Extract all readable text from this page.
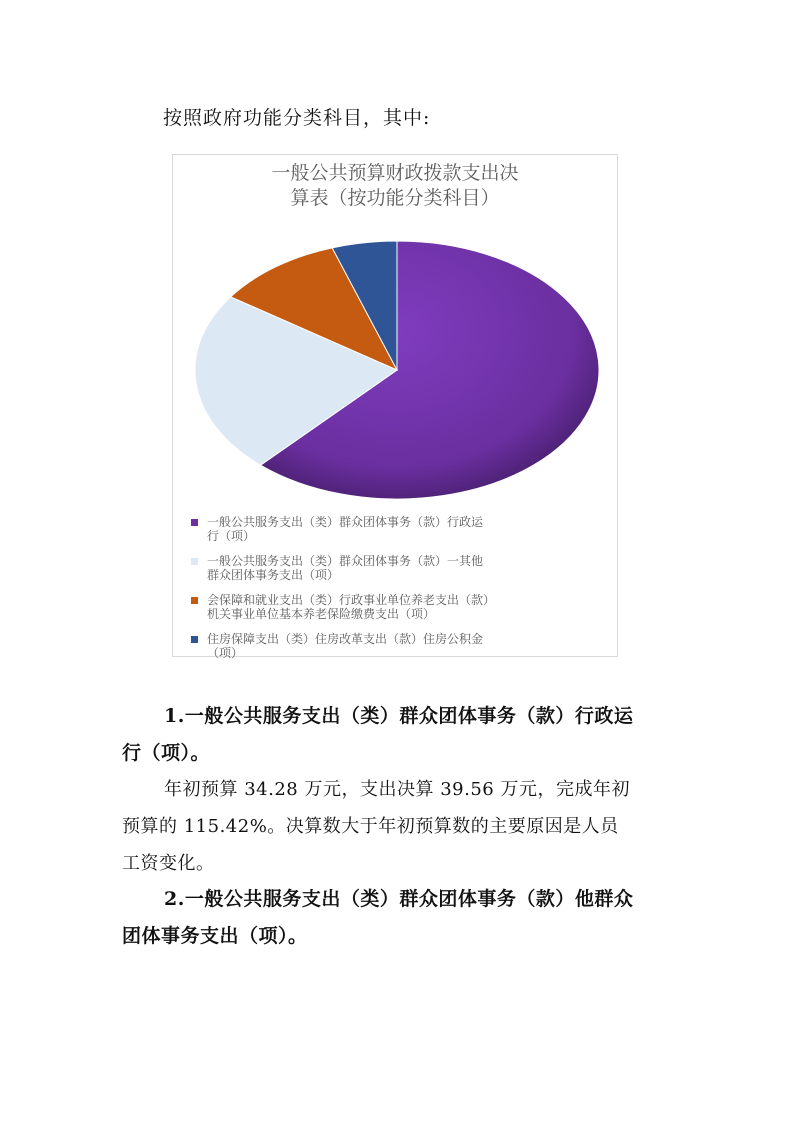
按照政府功能分类科目，其中:
一般公共预算财政拨款支出决
算表（按功能分类科目）
一般公共服务支出（类）群众团体事务（款）行政运
行（项）
一般公共服务支出（类）群众团体事务（款）一其他
群众团体事务支出（项）
会保障和就业支出（类）行政事业单位养老支出（款）
机关事业单位基本养老保险缴费支出（项）
住房保障支出（类）住房改革支出（款）住房公积金
（项）
1.一般公共服务支出（类）群众团体事务（款）行政运
行（项）。
年初预算 34.28 万元，支出决算 39.56 万元，完成年初
预算的 115.42%。决算数大于年初预算数的主要原因是人员
工资变化。
2.一般公共服务支出（类）群众团体事务（款）他群众
团体事务支出（项）。
